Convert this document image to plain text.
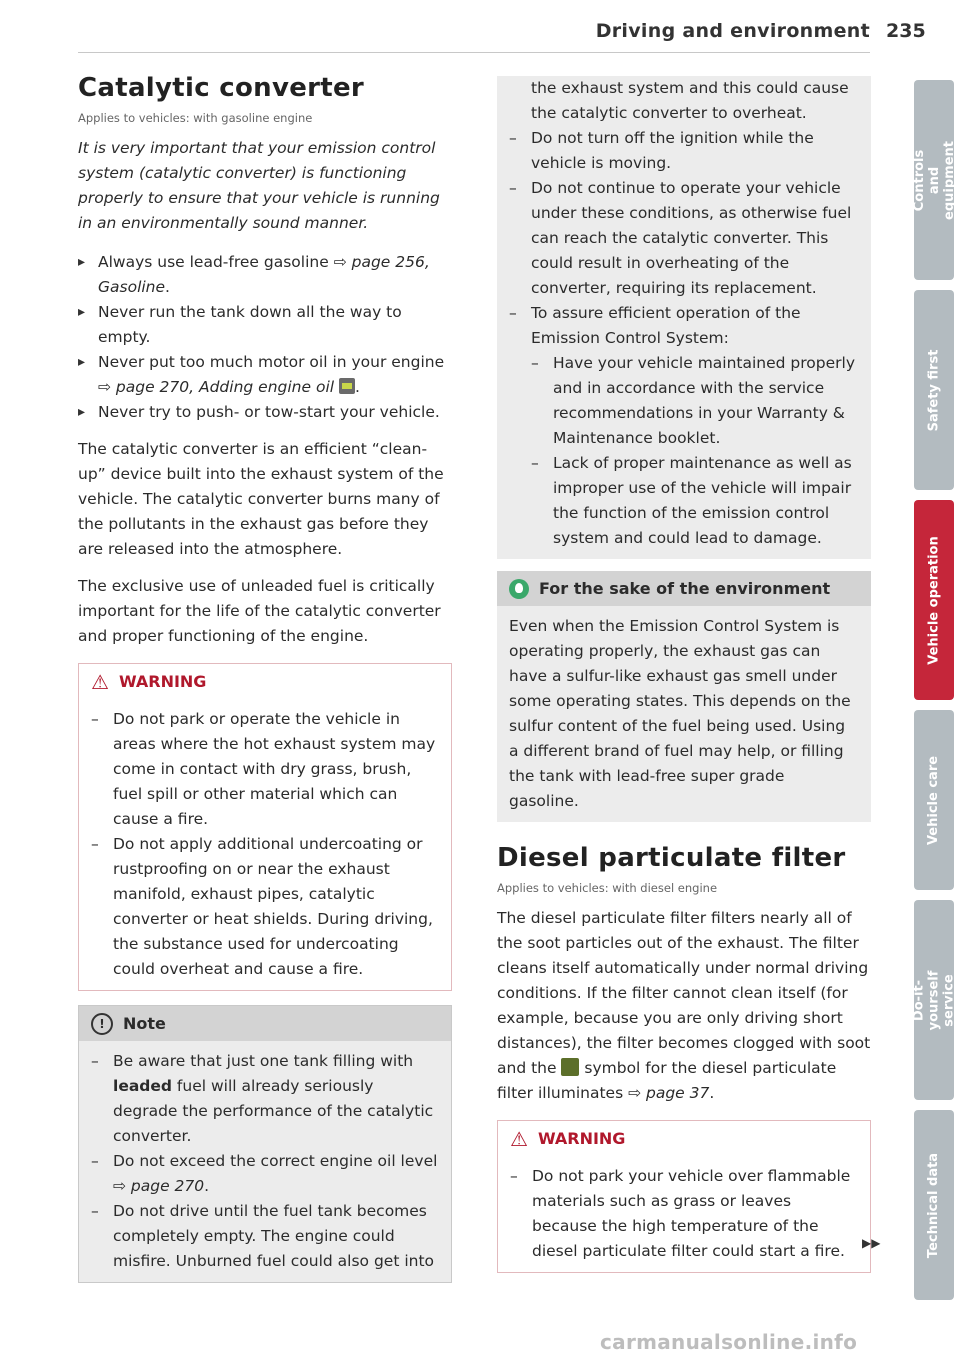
Driving and environment 235
Catalytic converter
Applies to vehicles: with gasoline engine

It is very important that your emission control system (catalytic converter) is functioning properly to ensure that your vehicle is running in an environmentally sound manner.

▸ Always use lead-free gasoline ⇨ page 256, Gasoline.
▸ Never run the tank down all the way to empty.
▸ Never put too much motor oil in your engine ⇨ page 270, Adding engine oil .
▸ Never try to push- or tow-start your vehicle.

The catalytic converter is an efficient “clean-up” device built into the exhaust system of the vehicle. The catalytic converter burns many of the pollutants in the exhaust gas before they are released into the atmosphere.

The exclusive use of unleaded fuel is critically important for the life of the catalytic converter and proper functioning of the engine.

⚠ WARNING
– Do not park or operate the vehicle in areas where the hot exhaust system may come in contact with dry grass, brush, fuel spill or other material which can cause a fire.
– Do not apply additional undercoating or rustproofing on or near the exhaust manifold, exhaust pipes, catalytic converter or heat shields. During driving, the substance used for undercoating could overheat and cause a fire.
!	Note
– Be aware that just one tank filling with leaded fuel will already seriously degrade the performance of the catalytic converter.
– Do not exceed the correct engine oil level ⇨ page 270.
– Do not drive until the fuel tank becomes completely empty. The engine could misfire. Unburned fuel could also get into
the exhaust system and this could cause the catalytic converter to overheat.
– Do not turn off the ignition while the vehicle is moving.
– Do not continue to operate your vehicle under these conditions, as otherwise fuel can reach the catalytic converter. This could result in overheating of the converter, requiring its replacement.
– To assure efficient operation of the Emission Control System:
– Have your vehicle maintained properly and in accordance with the service recommendations in your Warranty & Maintenance booklet.
– Lack of proper maintenance as well as improper use of the vehicle will impair the function of the emission control system and could lead to damage.
For the sake of the environment
Even when the Emission Control System is operating properly, the exhaust gas can have a sulfur-like exhaust gas smell under some operating states. This depends on the sulfur content of the fuel being used. Using a different brand of fuel may help, or filling the tank with lead-free super grade gasoline.
Diesel particulate filter
Applies to vehicles: with diesel engine

The diesel particulate filter filters nearly all of the soot particles out of the exhaust. The filter cleans itself automatically under normal driving conditions. If the filter cannot clean itself (for example, because you are only driving short distances), the filter becomes clogged with soot and the  symbol for the diesel particulate filter illuminates ⇨ page 37.

⚠ WARNING
– Do not park your vehicle over flammable materials such as grass or leaves because the high temperature of the diesel particulate filter could start a fire.	▶▶
Controls and equipment
Safety first
Vehicle operation
Vehicle care
Do-it-yourself service
Technical data
carmanualsonline.info
